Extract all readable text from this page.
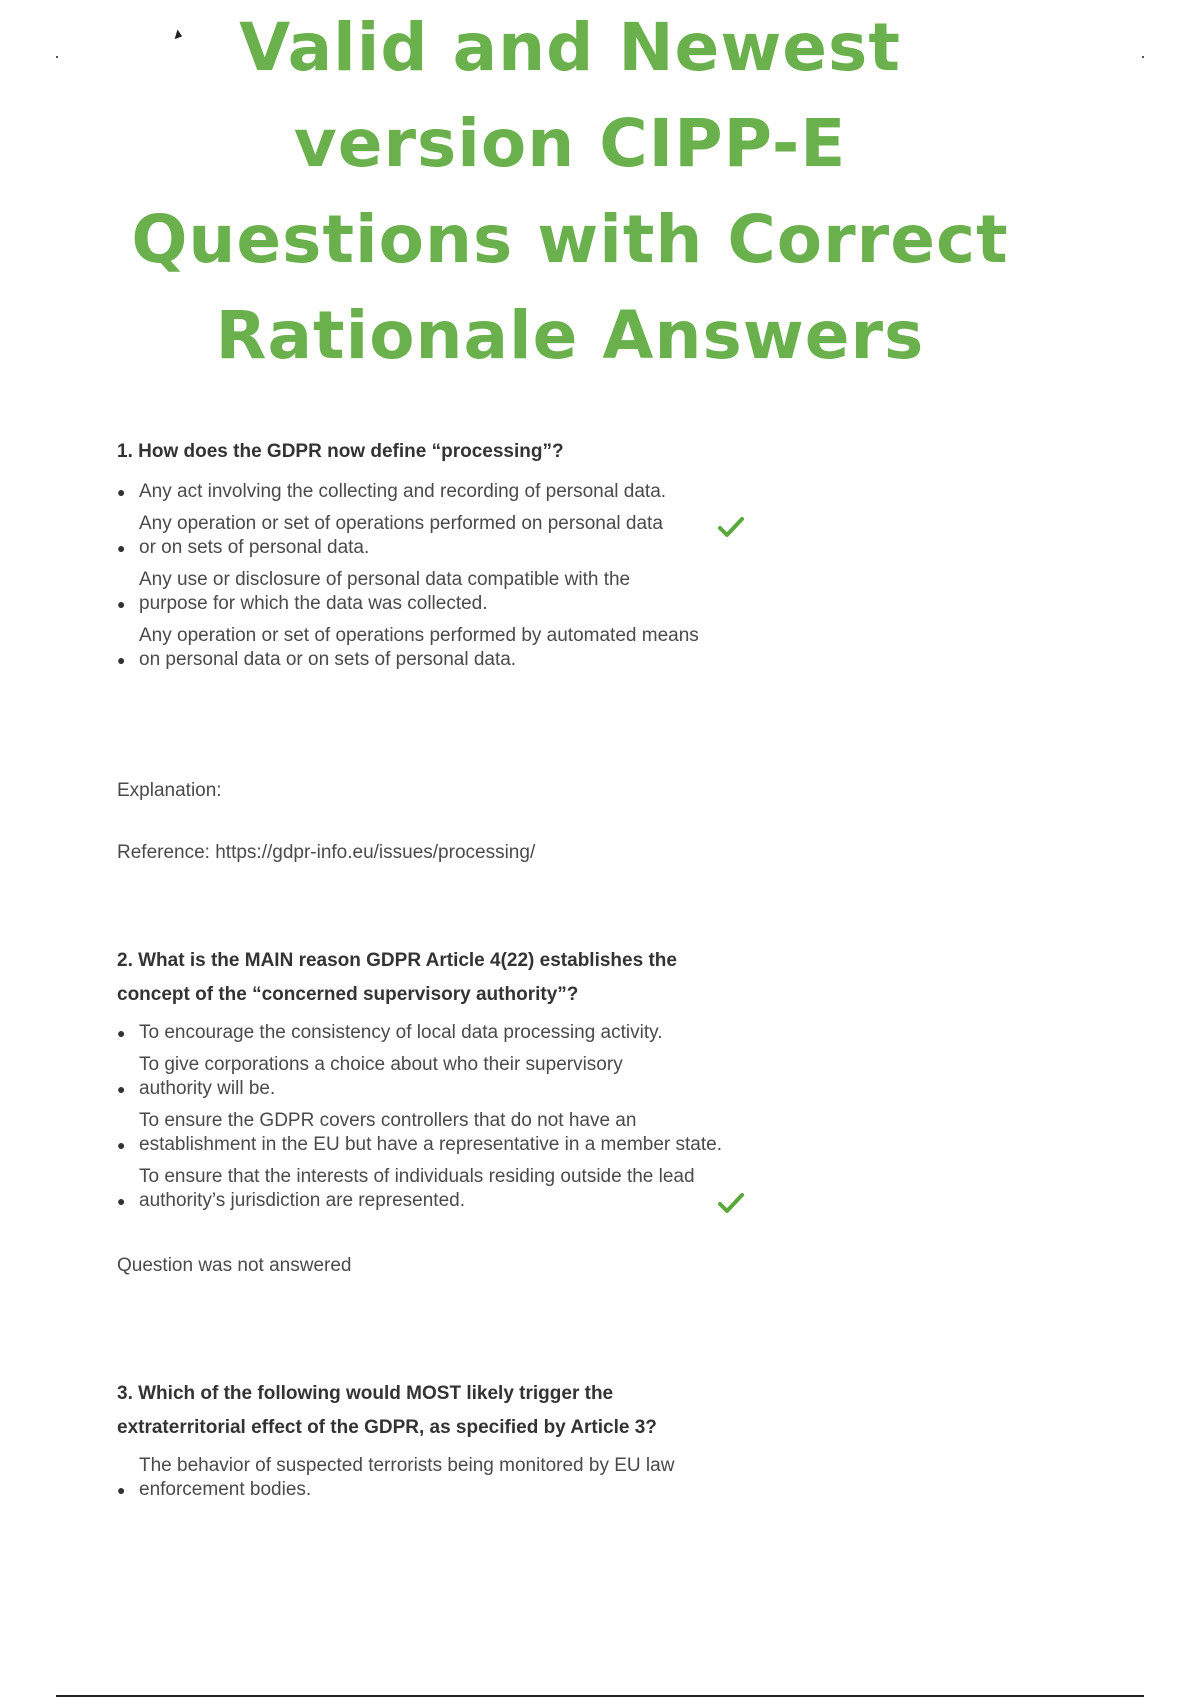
Valid and Newest
version CIPP-E
Questions with Correct
Rationale Answers
1. How does the GDPR now define “processing”?
● Any act involving the collecting and recording of personal data.
●
Any operation or set of operations performed on personal data or on sets of personal data.
●
Any use or disclosure of personal data compatible with the purpose for which the data was collected.
●
Any operation or set of operations performed by automated means on personal data or on sets of personal data.
Explanation:
Reference: https://gdpr-info.eu/issues/processing/
2. What is the MAIN reason GDPR Article 4(22) establishes the
concept of the “concerned supervisory authority”?
● To encourage the consistency of local data processing activity.
●
To give corporations a choice about who their supervisory authority will be.
●
To ensure the GDPR covers controllers that do not have an establishment in the EU but have a representative in a member state.
●
To ensure that the interests of individuals residing outside the lead authority’s jurisdiction are represented.
Question was not answered
3. Which of the following would MOST likely trigger the
extraterritorial effect of the GDPR, as specified by Article 3?
●
The behavior of suspected terrorists being monitored by EU law enforcement bodies.
